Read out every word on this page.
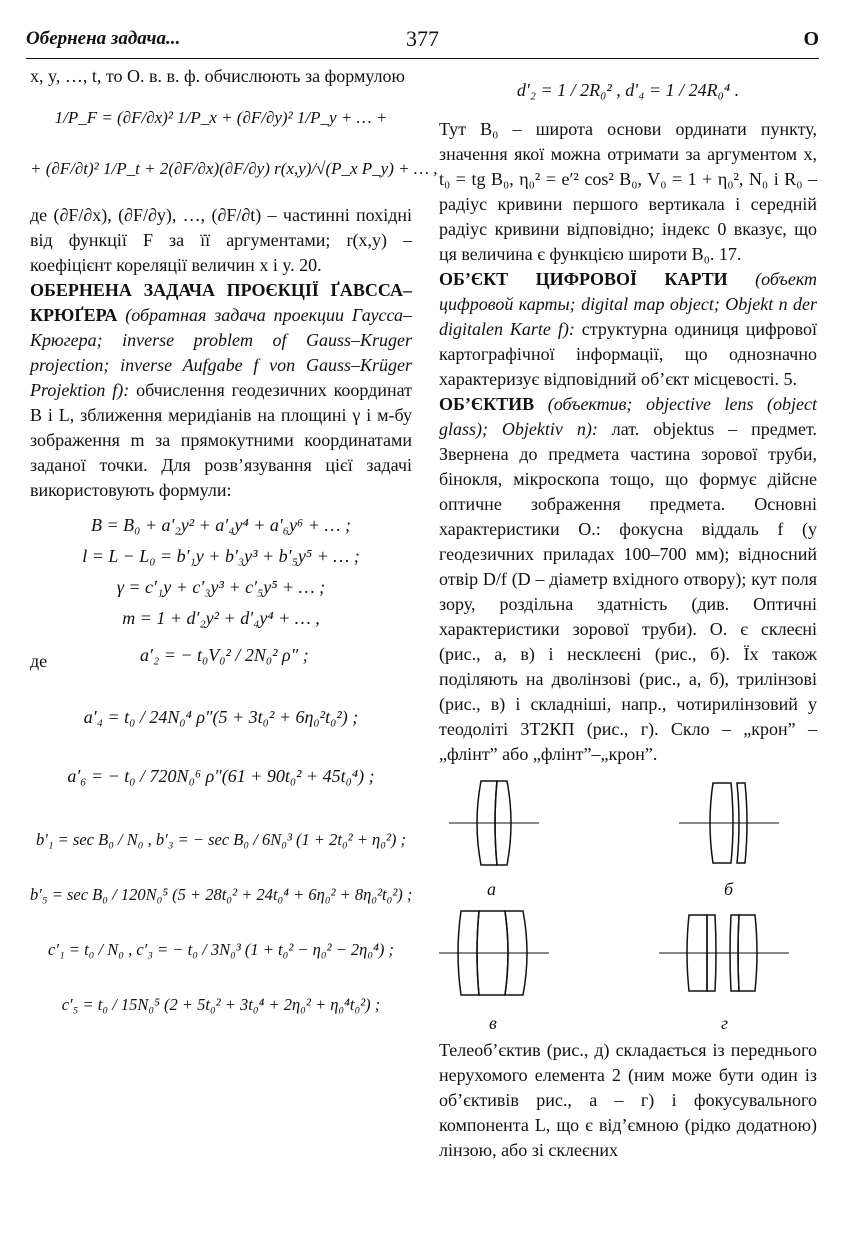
Обернена задача...	377	О

x, y, …, t, то О. в. в. ф. обчислюють за формулою

1/P_F = (∂F/∂x)² 1/P_x + (∂F/∂y)² 1/P_y + … +
+ (∂F/∂t)² 1/P_t + 2(∂F/∂x)(∂F/∂y) r(x,y)/√(P_x P_y) + … ,

де (∂F/∂x), (∂F/∂y), …, (∂F/∂t) – частинні похідні від функції F за її аргументами; r(x,y) – коефіцієнт кореляції величин x і y. 20.

ОБЕРНЕНА ЗАДАЧА ПРОЄКЦІЇ ҐАВССА–КРЮҐЕРА (обратная задача проекции Гаусса–Крюгера; inverse problem of Gauss–Kruger projection; inverse Aufgabe f von Gauss–Krüger Projektion f): обчислення геодезичних координат B і L, зближення меридіанів на площині γ і м-бу зображення m за прямокутними координатами заданої точки. Для розв’язування цієї задачі використовують формули:

B = B₀ + a′₂y² + a′₄y⁴ + a′₆y⁶ + … ;
l = L − L₀ = b′₁y + b′₃y³ + b′₅y⁵ + … ;
γ = c′₁y + c′₃y³ + c′₅y⁵ + … ;
m = 1 + d′₂y² + d′₄y⁴ + … ,
де	a′₂ = − t₀V₀² / 2N₀² ρ″ ;
a′₄ = t₀ / 24N₀⁴ ρ″(5 + 3t₀² + 6η₀²t₀²) ;
a′₆ = − t₀ / 720N₀⁶ ρ″(61 + 90t₀² + 45t₀⁴) ;
b′₁ = sec B₀ / N₀ , b′₃ = − sec B₀ / 6N₀³ (1 + 2t₀² + η₀²) ;
b′₅ = sec B₀ / 120N₀⁵ (5 + 28t₀² + 24t₀⁴ + 6η₀² + 8η₀²t₀²) ;
c′₁ = t₀ / N₀ , c′₃ = − t₀ / 3N₀³ (1 + t₀² − η₀² − 2η₀⁴) ;
c′₅ = t₀ / 15N₀⁵ (2 + 5t₀² + 3t₀⁴ + 2η₀² + η₀⁴t₀²) ;
d′₂ = 1 / 2R₀² , d′₄ = 1 / 24R₀⁴ .

Тут B₀ – широта основи ординати пункту, значення якої можна отримати за аргументом x, t₀ = tg B₀, η₀² = e′² cos² B₀, V₀ = 1 + η₀², N₀ і R₀ – радіус кривини першого вертикала і середній радіус кривини відповідно; індекс 0 вказує, що ця величина є функцією широти B₀. 17.

ОБ’ЄКТ ЦИФРОВОЇ КАРТИ (объект цифровой карты; digital map object; Objekt n der digitalen Karte f): структурна одиниця цифрової картографічної інформації, що однозначно характеризує відповідний об’єкт місцевості. 5.

ОБ’ЄКТИВ (объектив; objective lens (object glass); Objektiv n): лат. objektus – предмет. Звернена до предмета частина зорової труби, бінокля, мікроскопа тощо, що формує дійсне оптичне зображення предмета. Основні характеристики О.: фокусна віддаль f (у геодезичних приладах 100–700 мм); відносний отвір D/f (D – діаметр вхідного отвору); кут поля зору, роздільна здатність (див. Оптичні характеристики зорової труби). О. є склеєні (рис., а, в) і несклеєні (рис., б). Їх також поділяють на дволінзові (рис., а, б), трилінзові (рис., в) і складніші, напр., чотирилінзовий у теодоліті 3Т2КП (рис., г). Скло – „крон” – „флінт” або „флінт”–„крон”.

а	б
в	г

Телеоб’єктив (рис., д) складається із переднього нерухомого елемента 2 (ним може бути один із об’єктивів рис., а – г) і фокусувального компонента L, що є від’ємною (рідко додатною) лінзою, або зі склеєних
